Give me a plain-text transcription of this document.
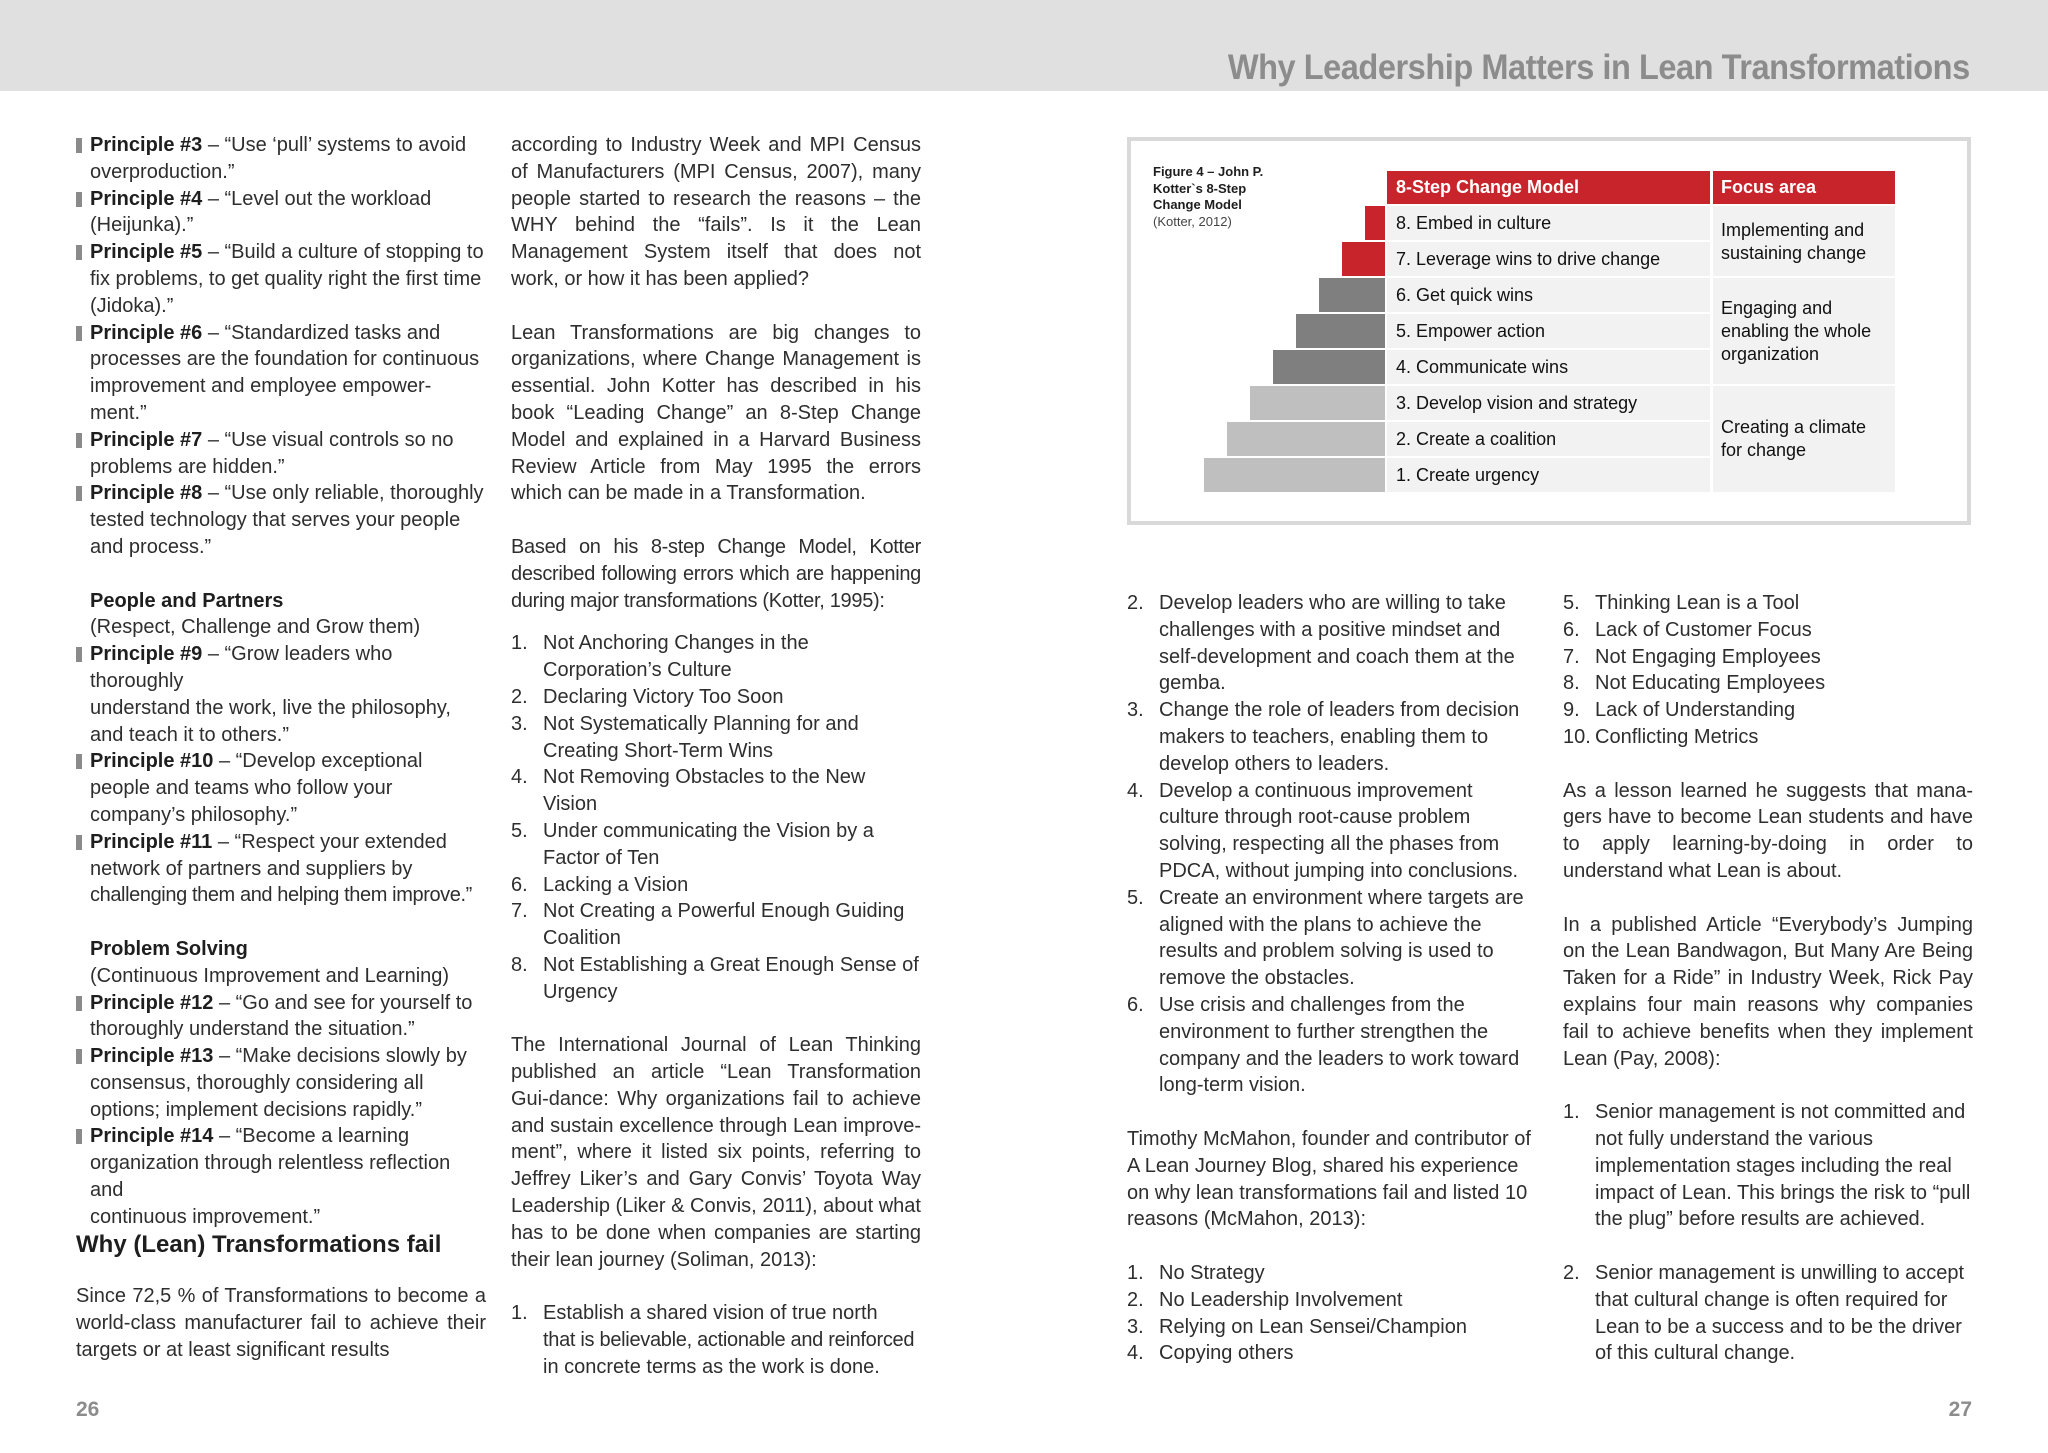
Why Leadership Matters in Lean Transformations
Principle #3 – “Use ‘pull’ systems to avoid
overproduction.”
Principle #4 – “Level out the workload
(Heijunka).”
Principle #5 – “Build a culture of stopping to
fix problems, to get quality right the first time
(Jidoka).”
Principle #6 – “Standardized tasks and
processes are the foundation for continuous
improvement and employee empower-
ment.”
Principle #7 – “Use visual controls so no
problems are hidden.”
Principle #8 – “Use only reliable, thoroughly
tested technology that serves your people
and process.”
People and Partners
(Respect, Challenge and Grow them)
Principle #9 – “Grow leaders who thoroughly
understand the work, live the philosophy,
and teach it to others.”
Principle #10 – “Develop exceptional
people and teams who follow your
company’s philosophy.”
Principle #11 – “Respect your extended
network of partners and suppliers by
challenging them and helping them improve.”
Problem Solving
(Continuous Improvement and Learning)
Principle #12 – “Go and see for yourself to
thoroughly understand the situation.”
Principle #13 – “Make decisions slowly by
consensus, thoroughly considering all
options; implement decisions rapidly.”
Principle #14 – “Become a learning
organization through relentless reflection and
continuous improvement.”
Why (Lean) Transformations fail

Since 72,5 % of Transformations to become a world-class manufacturer fail to achieve their targets or at least significant results

according to Industry Week and MPI Census of Manufacturers (MPI Census, 2007), many people started to research the reasons – the WHY behind the “fails”. Is it the Lean Management System itself that does not work, or how it has been applied?

Lean Transformations are big changes to organizations, where Change Management is essential. John Kotter has described in his book “Leading Change” an 8-Step Change Model and explained in a Harvard Business Review Article from May 1995 the errors which can be made in a Transformation.

Based on his 8-step Change Model, Kotter described following errors which are happening during major transformations (Kotter, 1995):

1. Not Anchoring Changes in the
Corporation’s Culture
2. Declaring Victory Too Soon
3. Not Systematically Planning for and
Creating Short-Term Wins
4. Not Removing Obstacles to the New Vision
5. Under communicating the Vision by a
Factor of Ten
6. Lacking a Vision
7. Not Creating a Powerful Enough Guiding
Coalition
8. Not Establishing a Great Enough Sense of
Urgency

The International Journal of Lean Thinking published an article “Lean Transformation Gui-dance: Why organizations fail to achieve and sustain excellence through Lean improve-ment”, where it listed six points, referring to Jeffrey Liker’s and Gary Convis’ Toyota Way Leadership (Liker & Convis, 2011), about what has to be done when companies are starting their lean journey (Soliman, 2013):

1. Establish a shared vision of true north
that is believable, actionable and reinforced
in concrete terms as the work is done.
26
Figure 4 – John P. Kotter`s 8-Step Change Model
(Kotter, 2012)
8-Step Change Model	Focus area
8. Embed in culture
7. Leverage wins to drive change
6. Get quick wins
5. Empower action
4. Communicate wins
3. Develop vision and strategy
2. Create a coalition
1. Create urgency
Implementing and sustaining change
Engaging and enabling the whole organization
Creating a climate for change
2. Develop leaders who are willing to take
challenges with a positive mindset and
self-development and coach them at the
gemba.
3. Change the role of leaders from decision
makers to teachers, enabling them to
develop others to leaders.
4. Develop a continuous improvement
culture through root-cause problem
solving, respecting all the phases from
PDCA, without jumping into conclusions.
5. Create an environment where targets are
aligned with the plans to achieve the
results and problem solving is used to
remove the obstacles.
6. Use crisis and challenges from the
environment to further strengthen the
company and the leaders to work toward
long-term vision.
Timothy McMahon, founder and contributor of
A Lean Journey Blog, shared his experience
on why lean transformations fail and listed 10
reasons (McMahon, 2013):
1. No Strategy
2. No Leadership Involvement
3. Relying on Lean Sensei/Champion
4. Copying others
5. Thinking Lean is a Tool
6. Lack of Customer Focus
7. Not Engaging Employees
8. Not Educating Employees
9. Lack of Understanding
10. Conflicting Metrics

As a lesson learned he suggests that mana-gers have to become Lean students and have to apply learning-by-doing in order to understand what Lean is about.

In a published Article “Everybody’s Jumping on the Lean Bandwagon, But Many Are Being Taken for a Ride” in Industry Week, Rick Pay explains four main reasons why companies fail to achieve benefits when they implement Lean (Pay, 2008):

1. Senior management is not committed and
not fully understand the various
implementation stages including the real
impact of Lean. This brings the risk to “pull
the plug” before results are achieved.
2. Senior management is unwilling to accept
that cultural change is often required for
Lean to be a success and to be the driver
of this cultural change.
27
